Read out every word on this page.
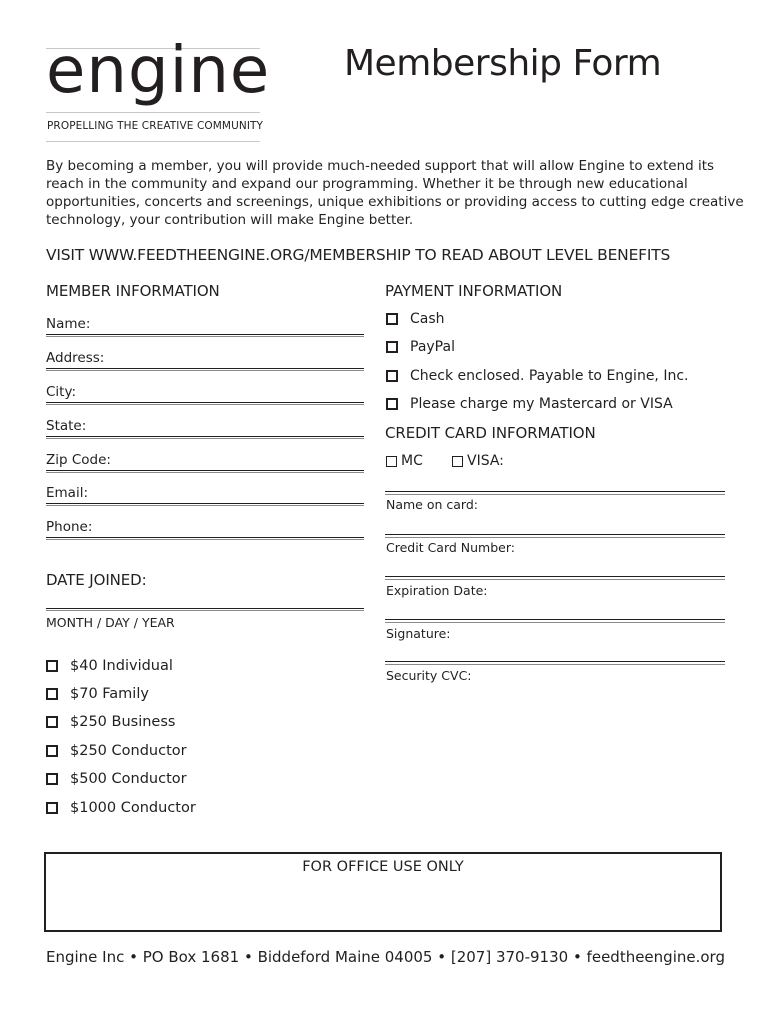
engine
PROPELLING THE CREATIVE COMMUNITY
Membership Form
By becoming a member, you will provide much-needed support that will allow Engine to extend its reach in the community and expand our programming. Whether it be through new educational opportunities, concerts and screenings, unique exhibitions or providing access to cutting edge creative technology, your contribution will make Engine better.
VISIT WWW.FEEDTHEENGINE.ORG/MEMBERSHIP TO READ ABOUT LEVEL BENEFITS
MEMBER INFORMATION
Name:
Address:
City:
State:
Zip Code:
Email:
Phone:
DATE JOINED:
MONTH / DAY / YEAR
$40 Individual
$70 Family
$250 Business
$250 Conductor
$500 Conductor
$1000 Conductor
PAYMENT INFORMATION
Cash
PayPal
Check enclosed. Payable to Engine, Inc.
Please charge my Mastercard or VISA
CREDIT CARD INFORMATION
MC	VISA:
Name on card:
Credit Card Number:
Expiration Date:
Signature:
Security CVC:
FOR OFFICE USE ONLY
Engine Inc • PO Box 1681 • Biddeford Maine 04005 • [207] 370-9130 • feedtheengine.org
